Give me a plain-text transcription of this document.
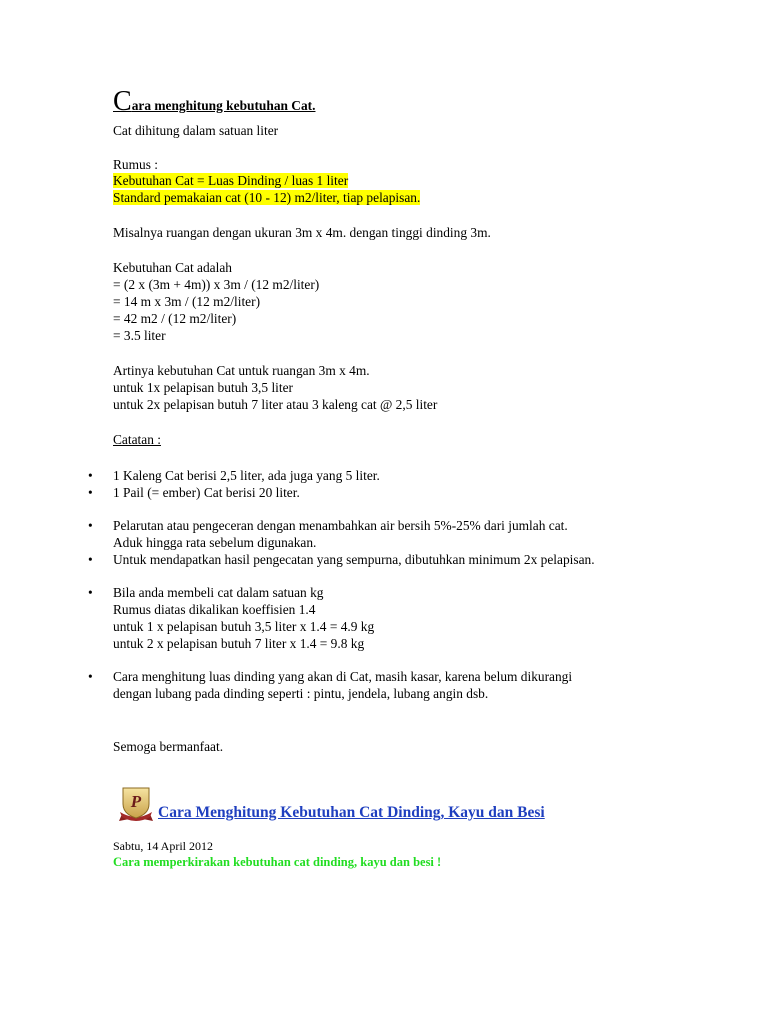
Cara menghitung kebutuhan Cat.
Cat dihitung dalam satuan liter
Rumus :
Kebutuhan Cat = Luas Dinding / luas 1 liter
Standard pemakaian cat (10 - 12) m2/liter, tiap pelapisan.
Misalnya ruangan dengan ukuran 3m x 4m. dengan tinggi dinding 3m.
Kebutuhan Cat adalah
= (2 x (3m + 4m)) x 3m / (12 m2/liter)
= 14 m x 3m / (12 m2/liter)
= 42 m2 / (12 m2/liter)
= 3.5 liter
Artinya kebutuhan Cat untuk ruangan 3m x 4m.
untuk 1x pelapisan butuh 3,5 liter
untuk 2x pelapisan butuh 7 liter atau 3 kaleng cat @ 2,5 liter
Catatan :
• 1 Kaleng Cat berisi 2,5 liter, ada juga yang 5 liter.
• 1 Pail (= ember) Cat berisi 20 liter.
• Pelarutan atau pengeceran dengan menambahkan air bersih 5%-25% dari jumlah cat.
Aduk hingga rata sebelum digunakan.
• Untuk mendapatkan hasil pengecatan yang sempurna, dibutuhkan minimum 2x pelapisan.
• Bila anda membeli cat dalam satuan kg
Rumus diatas dikalikan koeffisien 1.4
untuk 1 x pelapisan butuh 3,5 liter x 1.4 = 4.9 kg
untuk 2 x pelapisan butuh 7 liter x 1.4 = 9.8 kg
• Cara menghitung luas dinding yang akan di Cat, masih kasar, karena belum dikurangi
dengan lubang pada dinding seperti : pintu, jendela, lubang angin dsb.
Semoga bermanfaat.
P
Cara Menghitung Kebutuhan Cat Dinding, Kayu dan Besi
Sabtu, 14 April 2012
Cara memperkirakan kebutuhan cat dinding, kayu dan besi !
